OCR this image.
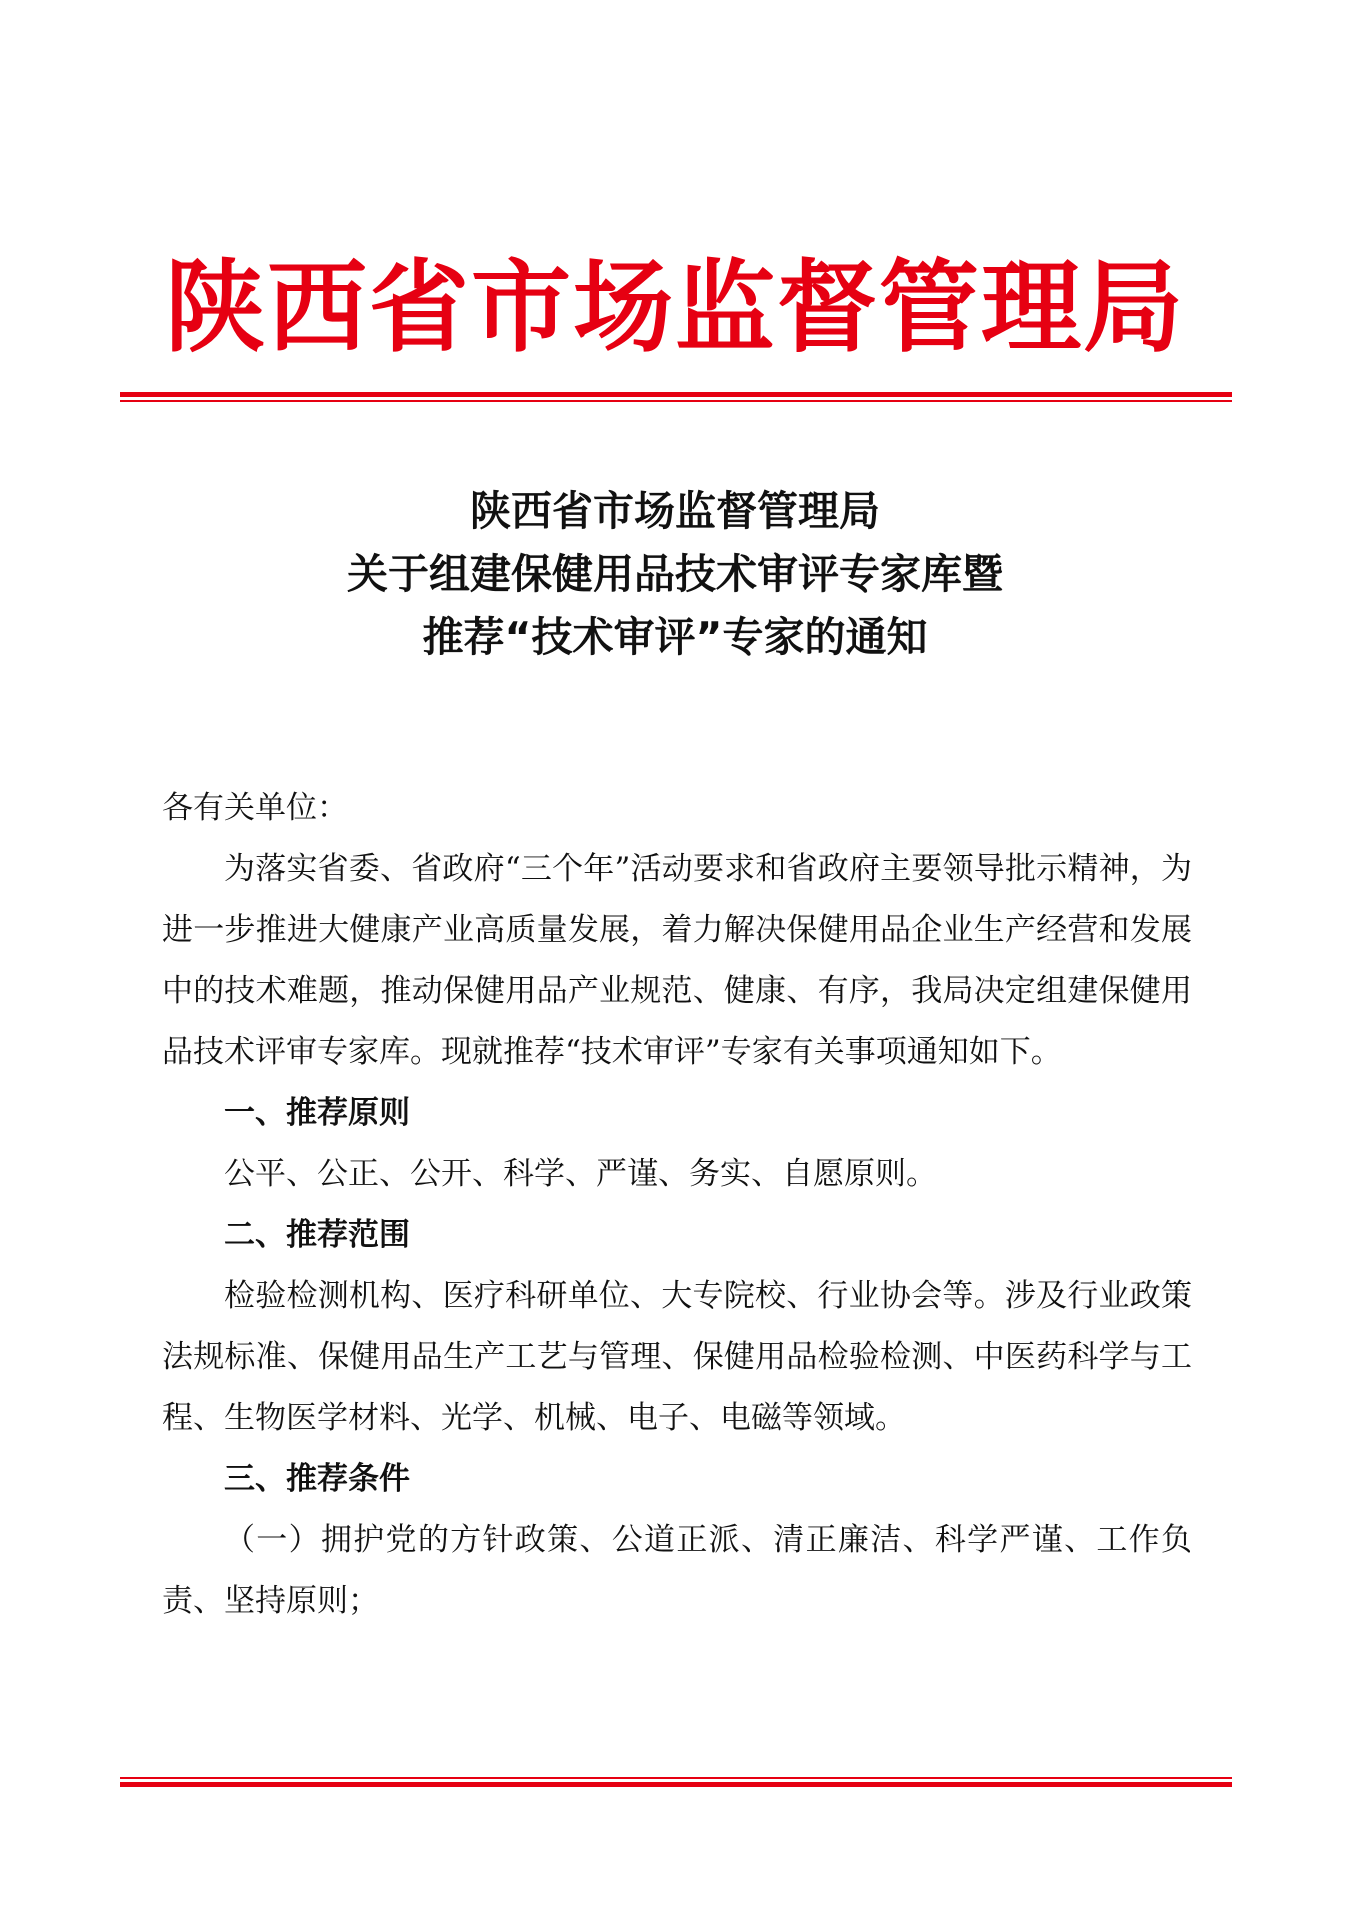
陕西省市场监督管理局
陕西省市场监督管理局
关于组建保健用品技术审评专家库暨
推荐“技术审评”专家的通知

各有关单位：

为落实省委、省政府“三个年”活动要求和省政府主要领导批示精神，为进一步推进大健康产业高质量发展，着力解决保健用品企业生产经营和发展中的技术难题，推动保健用品产业规范、健康、有序，我局决定组建保健用品技术评审专家库。现就推荐“技术审评”专家有关事项通知如下。

一、推荐原则

公平、公正、公开、科学、严谨、务实、自愿原则。

二、推荐范围

检验检测机构、医疗科研单位、大专院校、行业协会等。涉及行业政策法规标准、保健用品生产工艺与管理、保健用品检验检测、中医药科学与工程、生物医学材料、光学、机械、电子、电磁等领域。

三、推荐条件

（一）拥护党的方针政策、公道正派、清正廉洁、科学严谨、工作负责、坚持原则；
